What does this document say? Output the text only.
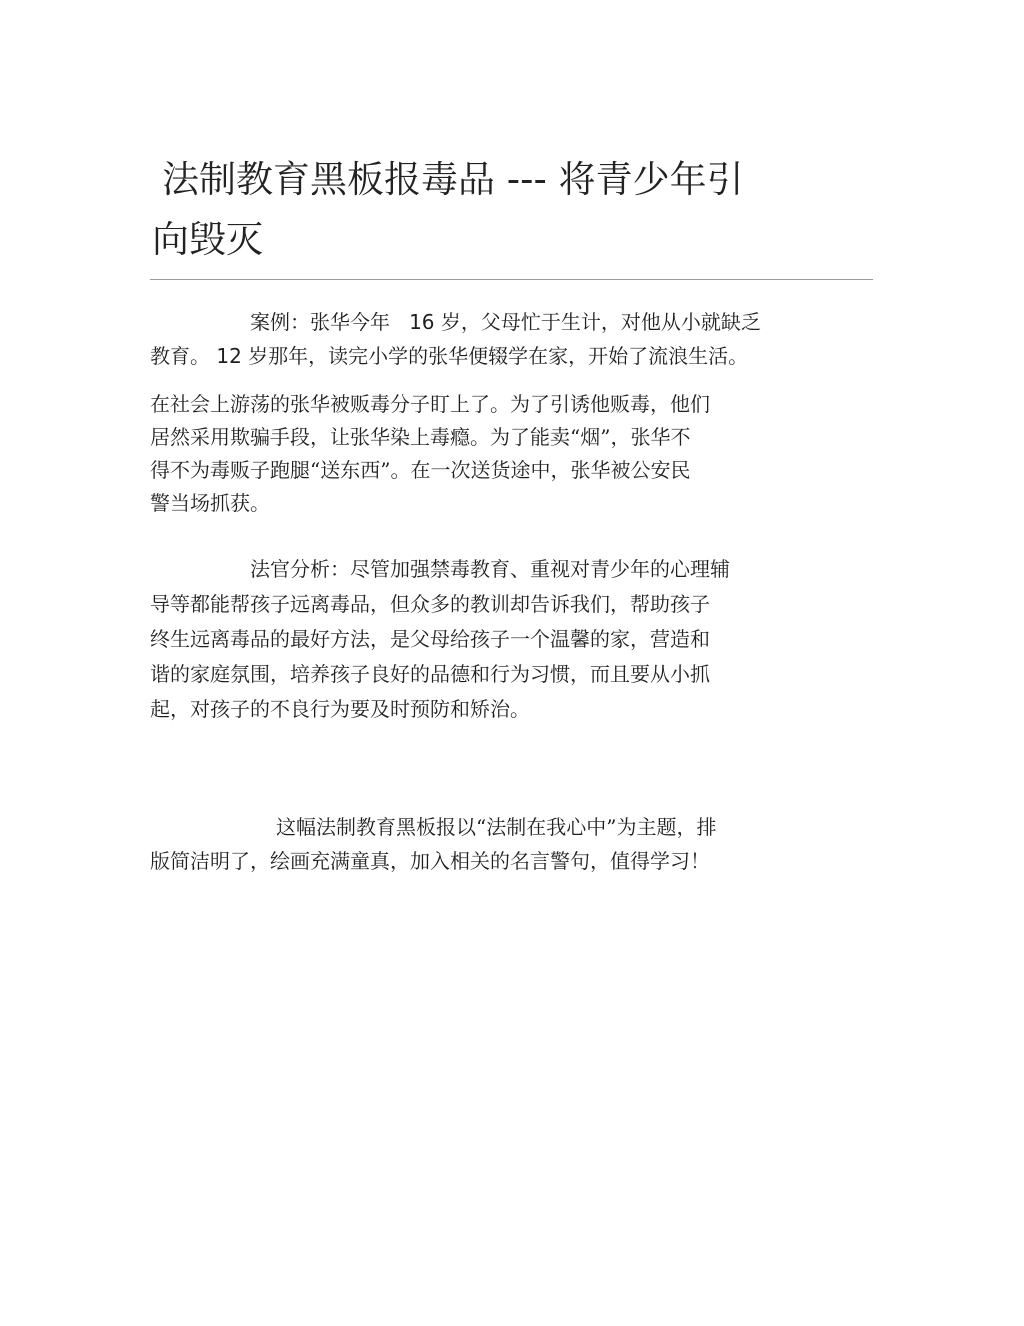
法制教育黑板报毒品 --- 将青少年引
向毁灭
案例：张华今年 16 岁，父母忙于生计，对他从小就缺乏
教育。 12 岁那年，读完小学的张华便辍学在家，开始了流浪生活。
在社会上游荡的张华被贩毒分子盯上了。为了引诱他贩毒，他们
居然采用欺骗手段，让张华染上毒瘾。为了能卖“烟”，张华不
得不为毒贩子跑腿“送东西”。在一次送货途中，张华被公安民
警当场抓获。
法官分析：尽管加强禁毒教育、重视对青少年的心理辅
导等都能帮孩子远离毒品，但众多的教训却告诉我们，帮助孩子
终生远离毒品的最好方法，是父母给孩子一个温馨的家，营造和
谐的家庭氛围，培养孩子良好的品德和行为习惯，而且要从小抓
起，对孩子的不良行为要及时预防和矫治。
这幅法制教育黑板报以“法制在我心中”为主题，排
版简洁明了，绘画充满童真，加入相关的名言警句，值得学习！
